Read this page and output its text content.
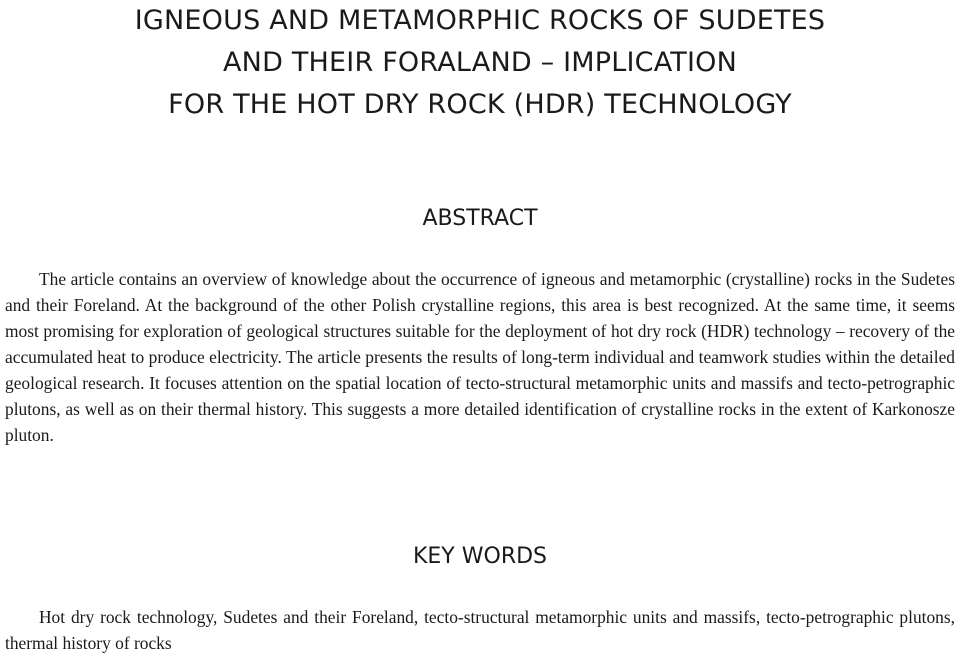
IGNEOUS AND METAMORPHIC ROCKS OF SUDETES
AND THEIR FORALAND – IMPLICATION
FOR THE HOT DRY ROCK (HDR) TECHNOLOGY
ABSTRACT

The article contains an overview of knowledge about the occurrence of igneous and metamorphic (crystalline) rocks in the Sudetes and their Foreland. At the background of the other Polish crystalline regions, this area is best recognized. At the same time, it seems most promising for exploration of geological structures suitable for the deployment of hot dry rock (HDR) technology – recovery of the accumulated heat to produce electricity. The article presents the results of long-term individual and teamwork studies within the detailed geological research. It focuses attention on the spatial location of tecto-structural metamorphic units and massifs and tecto-petrographic plutons, as well as on their thermal history. This suggests a more detailed identification of crystalline rocks in the extent of Karkonosze pluton.

KEY WORDS

Hot dry rock technology, Sudetes and their Foreland, tecto-structural metamorphic units and massifs, tecto-petrographic plutons, thermal history of rocks
